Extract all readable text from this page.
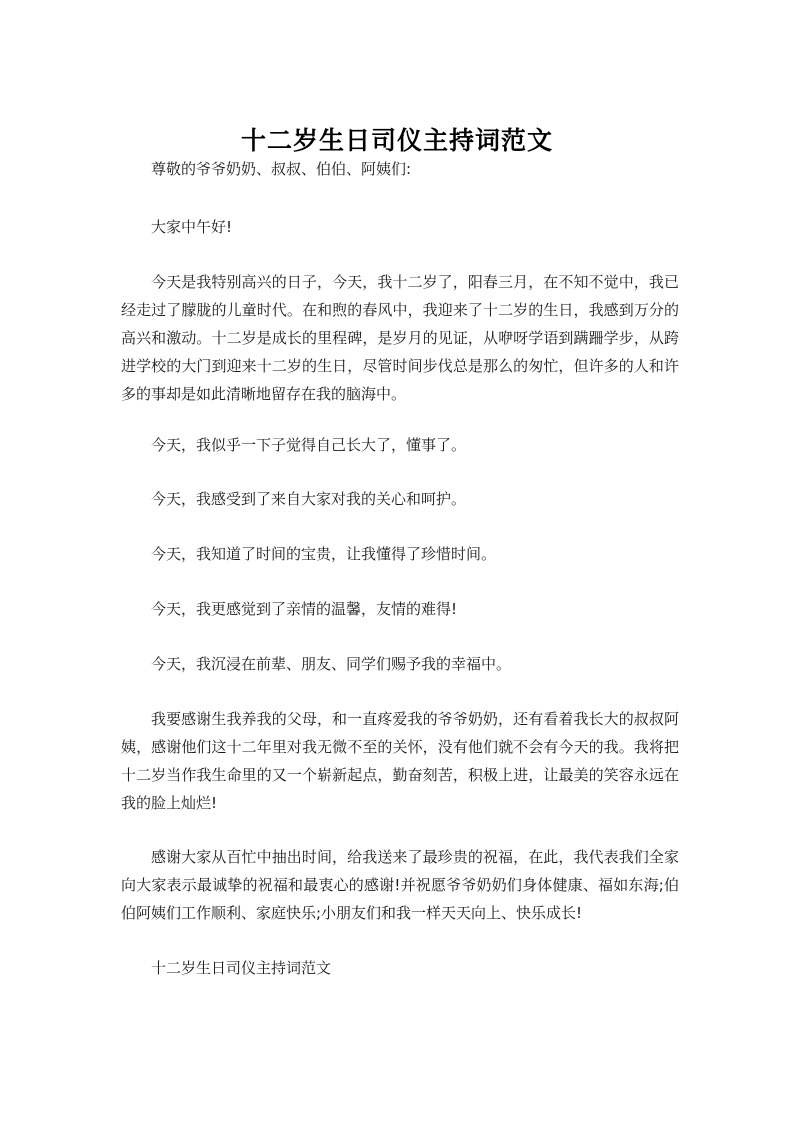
十二岁生日司仪主持词范文

尊敬的爷爷奶奶、叔叔、伯伯、阿姨们:

大家中午好!

今天是我特别高兴的日子，今天，我十二岁了，阳春三月，在不知不觉中，我已经走过了朦胧的儿童时代。在和煦的春风中，我迎来了十二岁的生日，我感到万分的高兴和激动。十二岁是成长的里程碑，是岁月的见证，从咿呀学语到蹒跚学步，从跨进学校的大门到迎来十二岁的生日，尽管时间步伐总是那么的匆忙，但许多的人和许多的事却是如此清晰地留存在我的脑海中。

今天，我似乎一下子觉得自己长大了，懂事了。

今天，我感受到了来自大家对我的关心和呵护。

今天，我知道了时间的宝贵，让我懂得了珍惜时间。

今天，我更感觉到了亲情的温馨，友情的难得!

今天，我沉浸在前辈、朋友、同学们赐予我的幸福中。

我要感谢生我养我的父母，和一直疼爱我的爷爷奶奶，还有看着我长大的叔叔阿姨，感谢他们这十二年里对我无微不至的关怀，没有他们就不会有今天的我。我将把十二岁当作我生命里的又一个崭新起点，勤奋刻苦，积极上进，让最美的笑容永远在我的脸上灿烂!

感谢大家从百忙中抽出时间，给我送来了最珍贵的祝福，在此，我代表我们全家向大家表示最诚挚的祝福和最衷心的感谢!并祝愿爷爷奶奶们身体健康、福如东海;伯伯阿姨们工作顺利、家庭快乐;小朋友们和我一样天天向上、快乐成长!

十二岁生日司仪主持词范文
